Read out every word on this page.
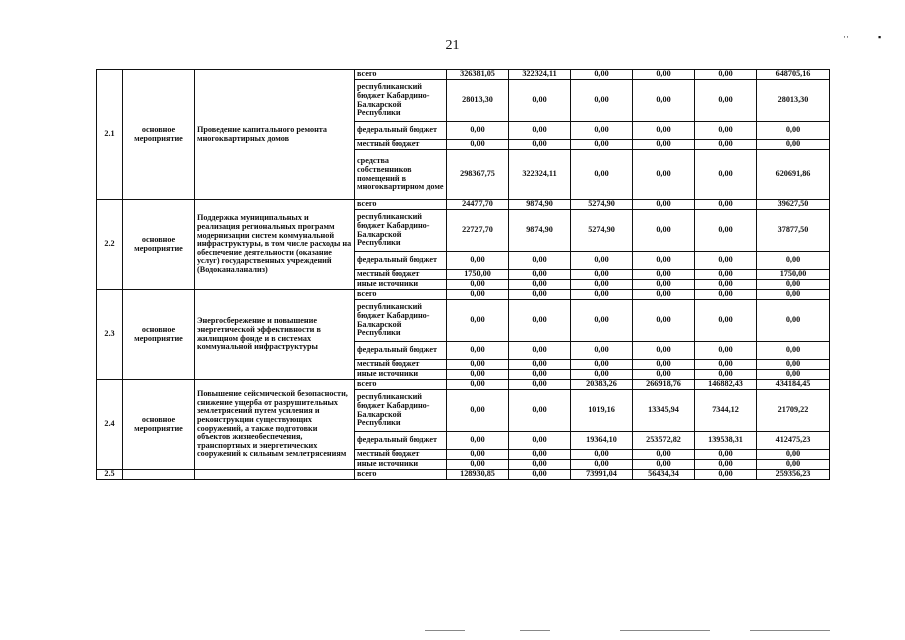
21
··	▪
2.1	основное мероприятие	Проведение капитального ремонта многоквартирных домов	всего	326381,05	322324,11	0,00	0,00	0,00	648705,16
			республиканский бюджет Кабардино-Балкарской Республики	28013,30	0,00	0,00	0,00	0,00	28013,30
			федеральный бюджет	0,00	0,00	0,00	0,00	0,00	0,00
			местный бюджет	0,00	0,00	0,00	0,00	0,00	0,00
			средства собственников помещений в многоквартирном доме	298367,75	322324,11	0,00	0,00	0,00	620691,86
2.2	основное мероприятие	Поддержка муниципальных и реализация региональных программ модернизации систем коммунальной инфраструктуры, в том числе расходы на обеспечение деятельности (оказание услуг) государственных учреждений (Водоканаланализ)	всего	24477,70	9874,90	5274,90	0,00	0,00	39627,50
			республиканский бюджет Кабардино-Балкарской Республики	22727,70	9874,90	5274,90	0,00	0,00	37877,50
			федеральный бюджет	0,00	0,00	0,00	0,00	0,00	0,00
			местный бюджет	1750,00	0,00	0,00	0,00	0,00	1750,00
			иные источники	0,00	0,00	0,00	0,00	0,00	0,00
2.3	основное мероприятие	Энергосбережение и повышение энергетической эффективности в жилищном фонде и в системах коммунальной инфраструктуры	всего	0,00	0,00	0,00	0,00	0,00	0,00
			республиканский бюджет Кабардино-Балкарской Республики	0,00	0,00	0,00	0,00	0,00	0,00
			федеральный бюджет	0,00	0,00	0,00	0,00	0,00	0,00
			местный бюджет	0,00	0,00	0,00	0,00	0,00	0,00
			иные источники	0,00	0,00	0,00	0,00	0,00	0,00
2.4	основное мероприятие	Повышение сейсмической безопасности, снижение ущерба от разрушительных землетрясений путем усиления и реконструкции существующих сооружений, а также подготовки объектов жизнеобеспечения, транспортных и энергетических сооружений к сильным землетрясениям	всего	0,00	0,00	20383,26	266918,76	146882,43	434184,45
			республиканский бюджет Кабардино-Балкарской Республики	0,00	0,00	1019,16	13345,94	7344,12	21709,22
			федеральный бюджет	0,00	0,00	19364,10	253572,82	139538,31	412475,23
			местный бюджет	0,00	0,00	0,00	0,00	0,00	0,00
			иные источники	0,00	0,00	0,00	0,00	0,00	0,00
2.5			всего	128930,85	0,00	73991,04	56434,34	0,00	259356,23
